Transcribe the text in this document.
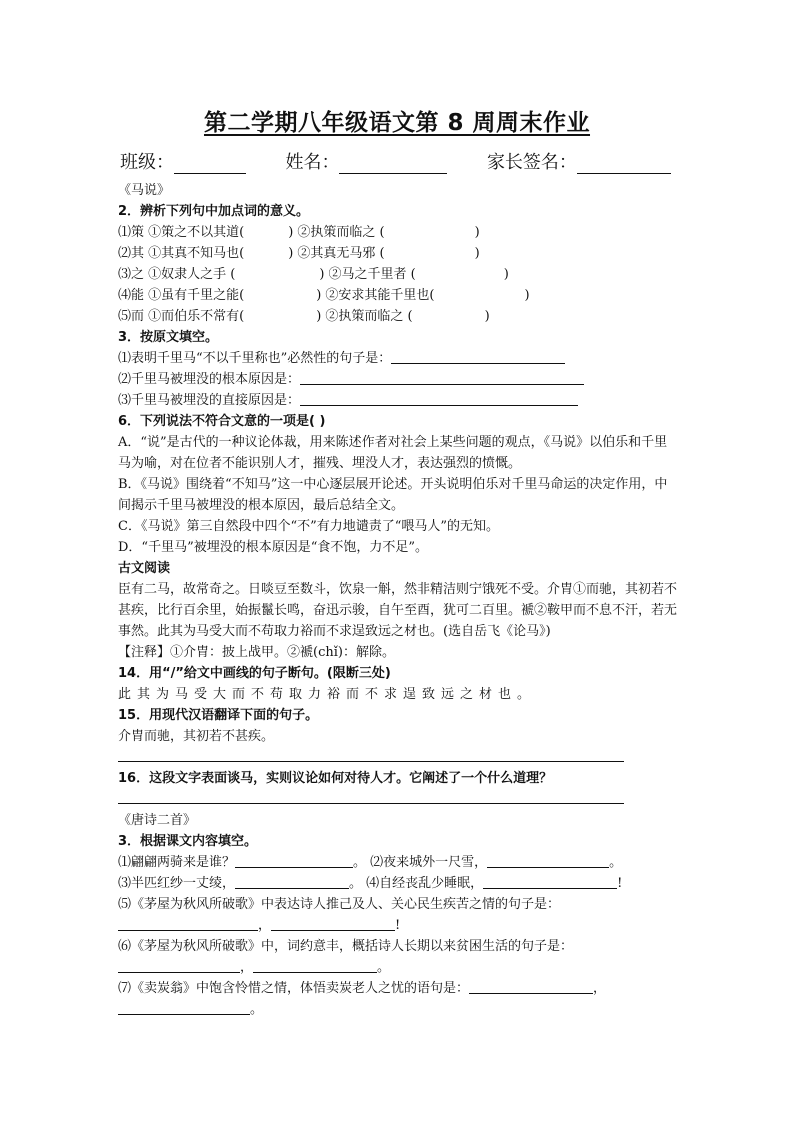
第二学期八年级语文第 8 周周末作业
班级：	姓名：	家长签名：
《马说》
2．辨析下列句中加点词的意义。
⑴策 ①策之不以其道(	) ②执策而临之 (	)
⑵其 ①其真不知马也(	) ②其真无马邪 (	)
⑶之 ①奴隶人之手 (	) ②马之千里者 (	)
⑷能 ①虽有千里之能(	) ②安求其能千里也(	)
⑸而 ①而伯乐不常有(	) ②执策而临之 (	)
3．按原文填空。
⑴表明千里马“不以千里称也”必然性的句子是：
⑵千里马被埋没的根本原因是：
⑶千里马被埋没的直接原因是：
6．下列说法不符合文意的一项是( )
A．“说”是古代的一种议论体裁，用来陈述作者对社会上某些问题的观点，《马说》以伯乐和千里马为喻，对在位者不能识别人才，摧残、埋没人才，表达强烈的愤慨。
B．《马说》围绕着“不知马”这一中心逐层展开论述。开头说明伯乐对千里马命运的决定作用，中间揭示千里马被埋没的根本原因，最后总结全文。
C．《马说》第三自然段中四个“不”有力地谴责了“喂马人”的无知。
D．“千里马”被埋没的根本原因是“食不饱，力不足”。
古文阅读
臣有二马，故常奇之。日啖豆至数斗，饮泉一斛，然非精洁则宁饿死不受。介胄①而驰，其初若不甚疾，比行百余里，始振鬣长鸣，奋迅示骏，自午至酉，犹可二百里。褫②鞍甲而不息不汗，若无事然。此其为马受大而不苟取力裕而不求逞致远之材也。(选自岳飞《论马》)
【注释】①介胄：披上战甲。②褫(chǐ)：解除。
14．用“/”给文中画线的句子断句。(限断三处)
此其为马受大而不苟取力裕而不求逞致远之材也。
15．用现代汉语翻译下面的句子。
介胄而驰，其初若不甚疾。
16．这段文字表面谈马，实则议论如何对待人才。它阐述了一个什么道理？
《唐诗二首》
3．根据课文内容填空。
⑴翩翩两骑来是谁？	。 ⑵夜来城外一尺雪，	。
⑶半匹红纱一丈绫，	。 ⑷自经丧乱少睡眠，	!
⑸《茅屋为秋风所破歌》中表达诗人推己及人、关心民生疾苦之情的句子是：
，	!
⑹《茅屋为秋风所破歌》中，词约意丰，概括诗人长期以来贫困生活的句子是：
，	。
⑺《卖炭翁》中饱含怜惜之情，体悟卖炭老人之忧的语句是：	，
。
